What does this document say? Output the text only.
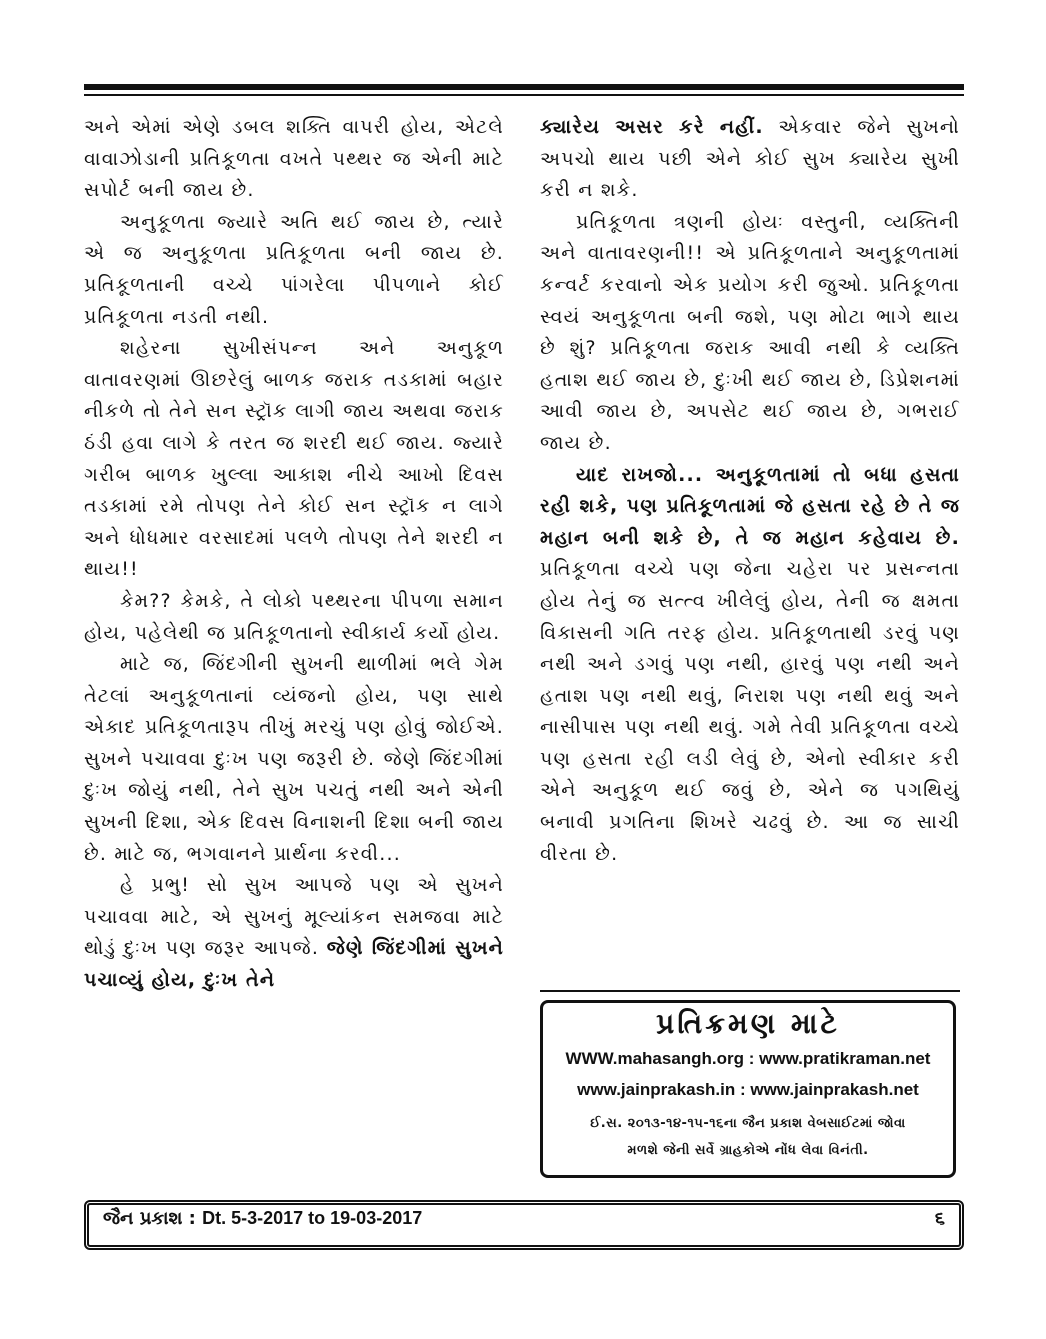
અને એમાં એણે ડબલ શક્તિ વાપરી હોય, એટલે વાવાઝોડાની પ્રતિકૂળતા વખતે પથ્થર જ એની માટે સપોર્ટ બની જાય છે.

અનુકૂળતા જ્યારે અતિ થઈ જાય છે, ત્યારે એ જ અનુકૂળતા પ્રતિકૂળતા બની જાય છે. પ્રતિકૂળતાની વચ્ચે પાંગરેલા પીપળાને કોઈ પ્રતિકૂળતા નડતી નથી.

શહેરના સુખીસંપન્ન અને અનુકૂળ વાતાવરણમાં ઊછરેલું બાળક જરાક તડકામાં બહાર નીકળે તો તેને સન સ્ટ્રૉક લાગી જાય અથવા જરાક ઠંડી હવા લાગે કે તરત જ શરદી થઈ જાય. જ્યારે ગરીબ બાળક ખુલ્લા આકાશ નીચે આખો દિવસ તડકામાં રમે તોપણ તેને કોઈ સન સ્ટ્રૉક ન લાગે અને ધોધમાર વરસાદમાં પલળે તોપણ તેને શરદી ન થાય!!

કેમ?? કેમકે, તે લોકો પથ્થરના પીપળા સમાન હોય, પહેલેથી જ પ્રતિકૂળતાનો સ્વીકાર્ય કર્યો હોય.

માટે જ, જિંદગીની સુખની થાળીમાં ભલે ગેમ તેટલાં અનુકૂળતાનાં વ્યંજનો હોય, પણ સાથે એકાદ પ્રતિકૂળતારૂપ તીખું મરચું પણ હોવું જોઈએ. સુખને પચાવવા દુઃખ પણ જરૂરી છે. જેણે જિંદગીમાં દુઃખ જોયું નથી, તેને સુખ પચતું નથી અને એની સુખની દિશા, એક દિવસ વિનાશની દિશા બની જાય છે. માટે જ, ભગવાનને પ્રાર્થના કરવી...

હે પ્રભુ! સો સુખ આપજે પણ એ સુખને પચાવવા માટે, એ સુખનું મૂલ્યાંકન સમજવા માટે થોડું દુઃખ પણ જરૂર આપજે. જેણે જિંદગીમાં સુખને પચાવ્યું હોય, દુઃખ તેને

ક્યારેય અસર કરે નહીં. એકવાર જેને સુખનો અપચો થાય પછી એને કોઈ સુખ ક્યારેય સુખી કરી ન શકે.

પ્રતિકૂળતા ત્રણની હોયઃ વસ્તુની, વ્યક્તિની અને વાતાવરણની!! એ પ્રતિકૂળતાને અનુકૂળતામાં કન્વર્ટ કરવાનો એક પ્રયોગ કરી જુઓ. પ્રતિકૂળતા સ્વયં અનુકૂળતા બની જશે, પણ મોટા ભાગે થાય છે શું? પ્રતિકૂળતા જરાક આવી નથી કે વ્યક્તિ હતાશ થઈ જાય છે, દુઃખી થઈ જાય છે, ડિપ્રેશનમાં આવી જાય છે, અપસેટ થઈ જાય છે, ગભરાઈ જાય છે.

યાદ રાખજો... અનુકૂળતામાં તો બધા હસતા રહી શકે, પણ પ્રતિકૂળતામાં જે હસતા રહે છે તે જ મહાન બની શકે છે, તે જ મહાન કહેવાય છે. પ્રતિકૂળતા વચ્ચે પણ જેના ચહેરા પર પ્રસન્નતા હોય તેનું જ સત્ત્વ ખીલેલું હોય, તેની જ ક્ષમતા વિકાસની ગતિ તરફ હોય. પ્રતિકૂળતાથી ડરવું પણ નથી અને ડગવું પણ નથી, હારવું પણ નથી અને હતાશ પણ નથી થવું, નિરાશ પણ નથી થવું અને નાસીપાસ પણ નથી થવું. ગમે તેવી પ્રતિકૂળતા વચ્ચે પણ હસતા રહી લડી લેવું છે, એનો સ્વીકાર કરી એને અનુકૂળ થઈ જવું છે, એને જ પગથિયું બનાવી પ્રગતિના શિખરે ચઢવું છે. આ જ સાચી વીરતા છે.

પ્રતિક્રમણ માટે
WWW.mahasangh.org : www.pratikraman.net
www.jainprakash.in : www.jainprakash.net
ઈ.સ. ૨૦૧૩-૧૪-૧૫-૧૬ના જૈન પ્રકાશ વેબસાઈટમાં જોવા
મળશે જેની સર્વે ગ્રાહકોએ નોંધ લેવા વિનંતી.
જૈન પ્રકાશ : Dt. 5-3-2017 to 19-03-2017	૬
